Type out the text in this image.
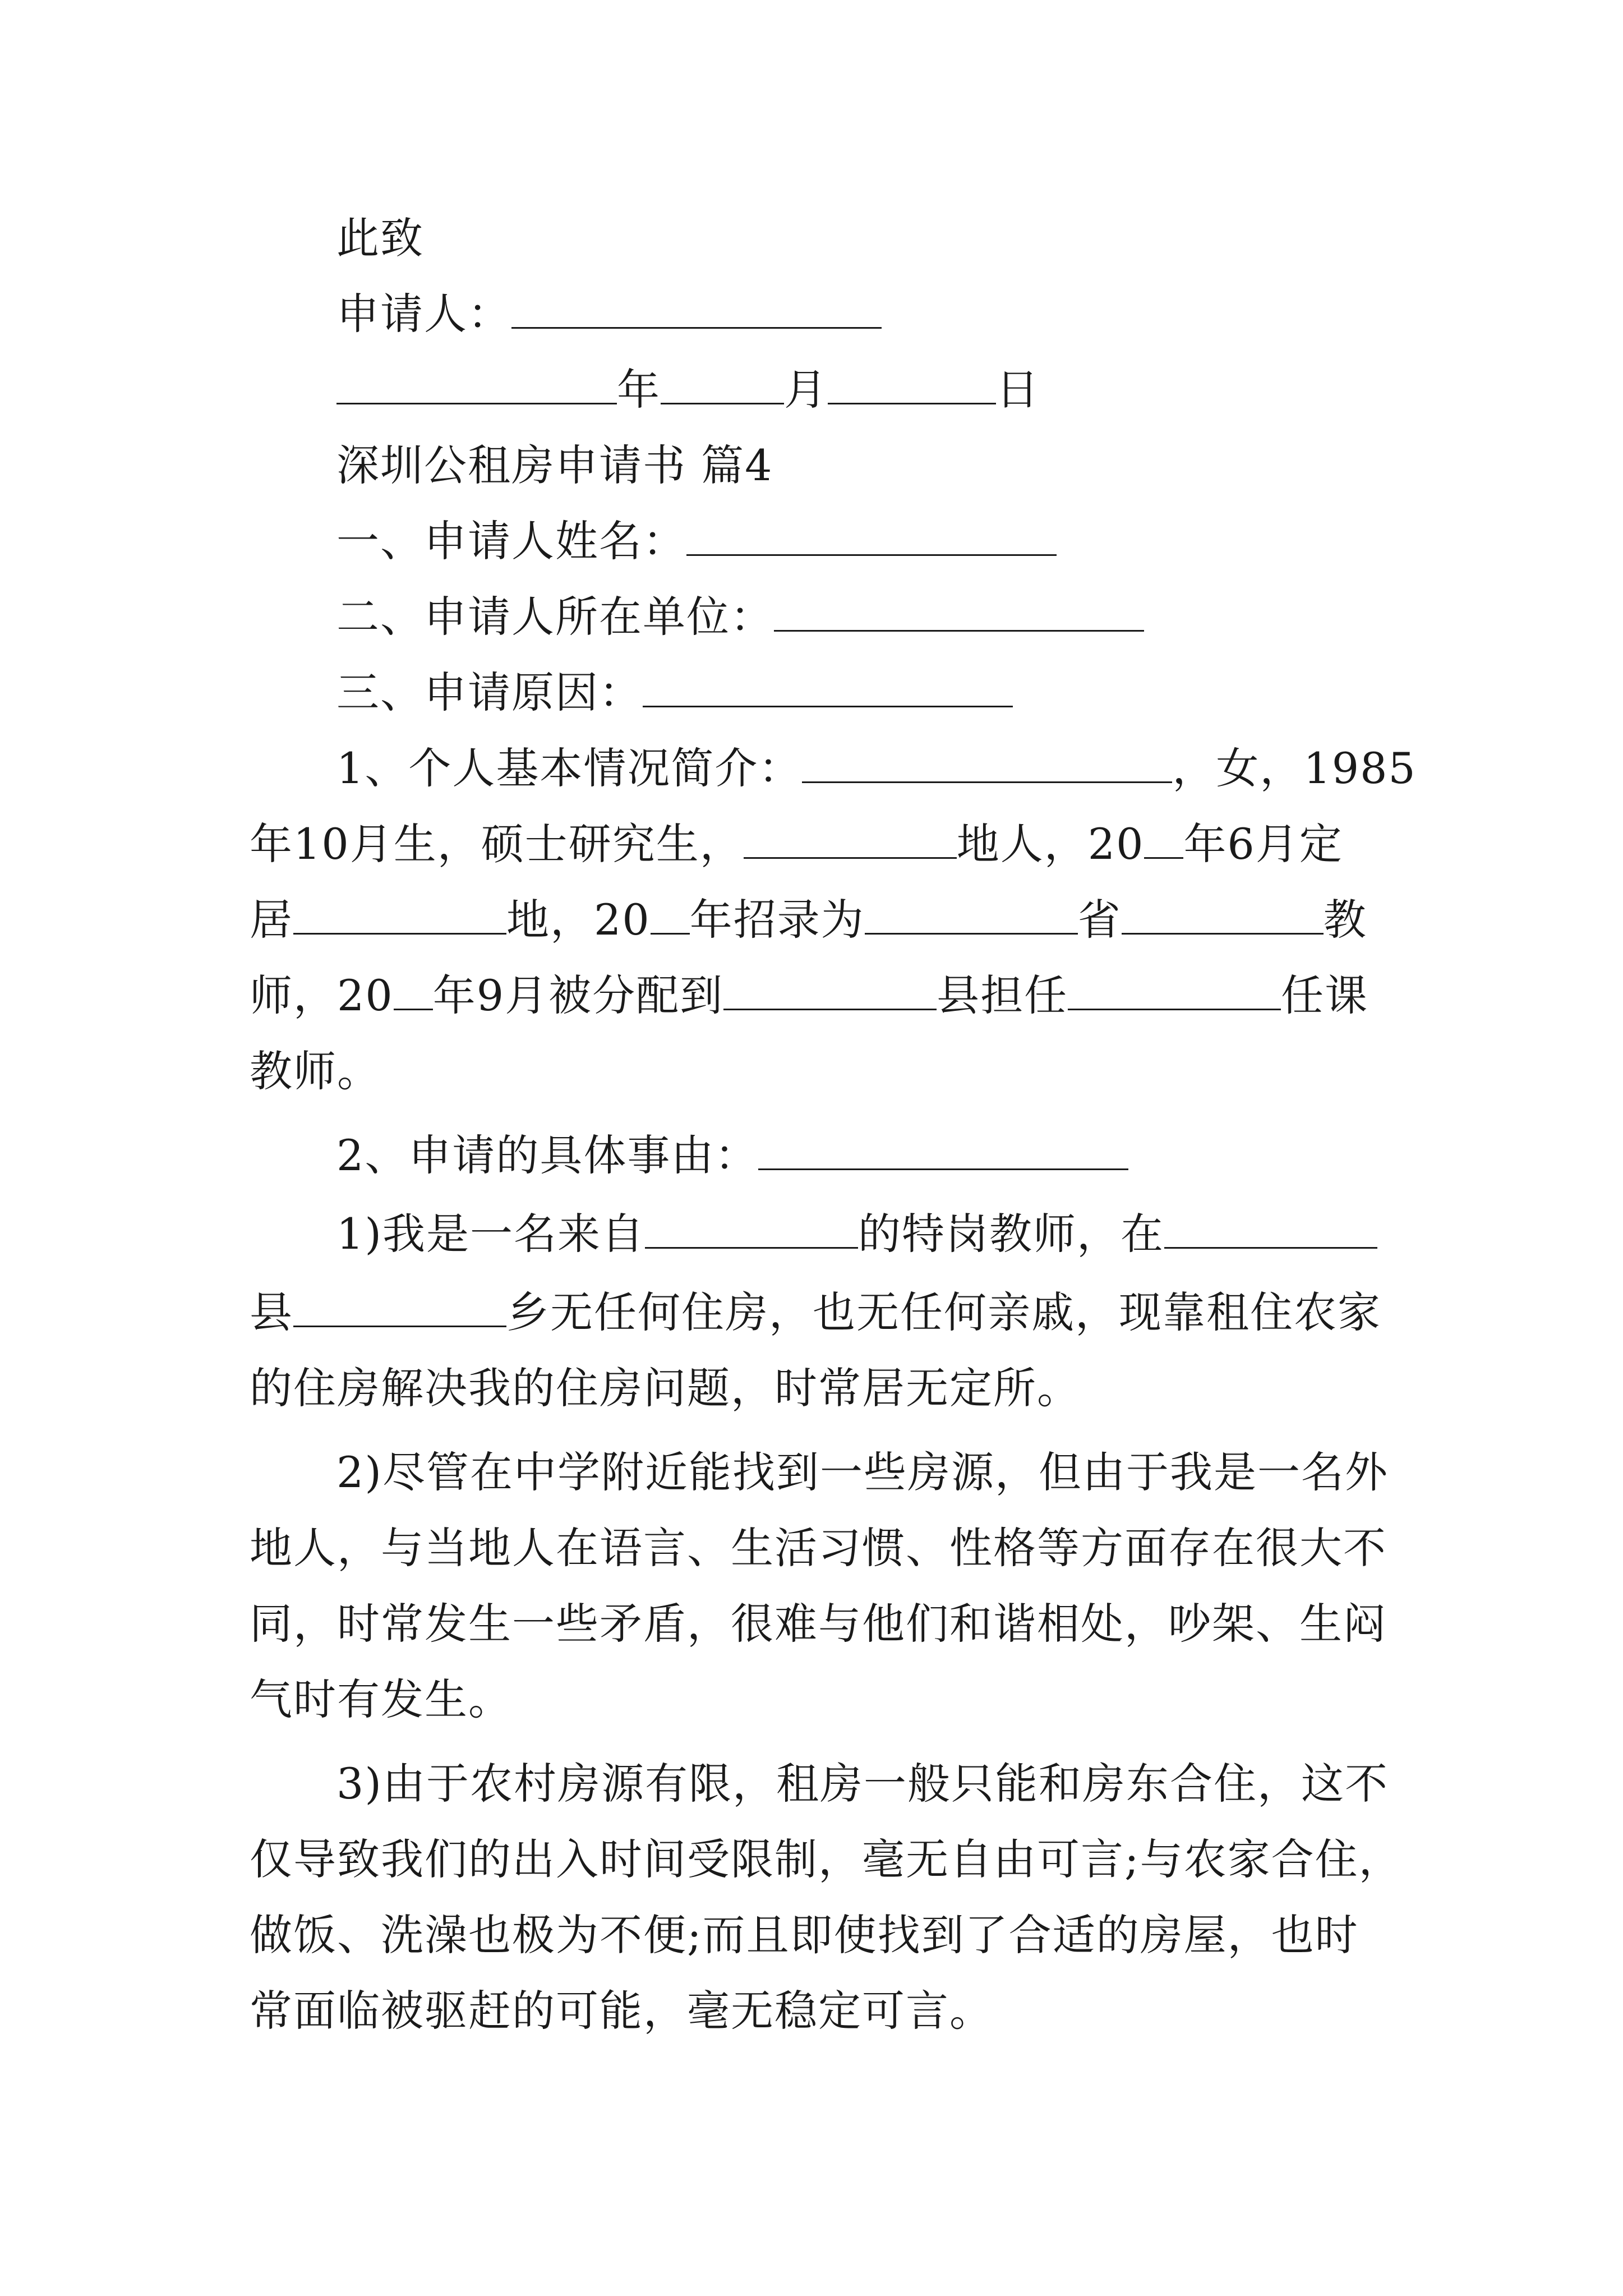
此致
申请人：
年	月	日
深圳公租房申请书 篇4
一、申请人姓名：
二、申请人所在单位：
三、申请原因：
1、个人基本情况简介：	，女，1985
年10月生，硕士研究生，	地人，20 年6月定
居	地，20 年招录为	省	教
师，20 年9月被分配到	县担任	任课
教师。
2、申请的具体事由：
1)我是一名来自	的特岗教师，在
县	乡无任何住房，也无任何亲戚，现靠租住农家
的住房解决我的住房问题，时常居无定所。
2)尽管在中学附近能找到一些房源，但由于我是一名外
地人，与当地人在语言、生活习惯、性格等方面存在很大不
同，时常发生一些矛盾，很难与他们和谐相处，吵架、生闷
气时有发生。
3)由于农村房源有限，租房一般只能和房东合住，这不
仅导致我们的出入时间受限制，毫无自由可言;与农家合住，
做饭、洗澡也极为不便;而且即使找到了合适的房屋，也时
常面临被驱赶的可能，毫无稳定可言。
